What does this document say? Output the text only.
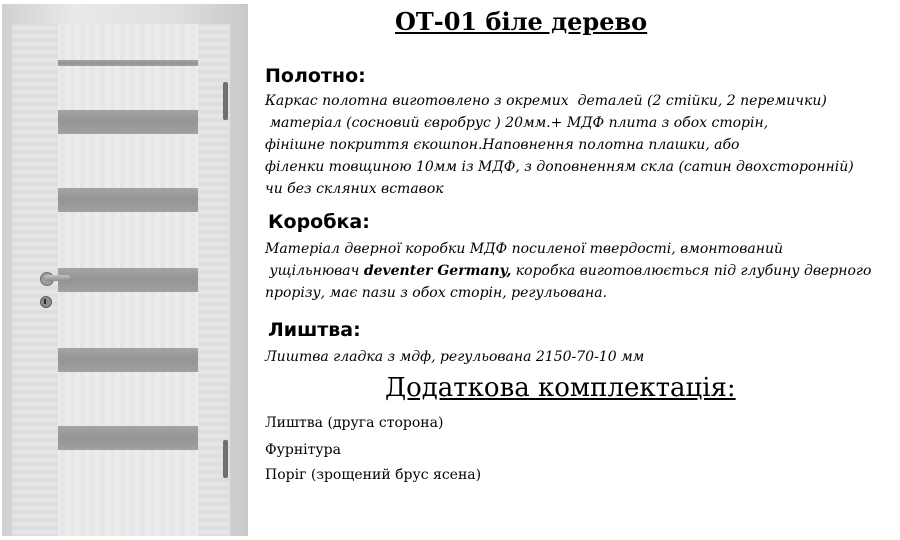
ОТ-01 біле дерево
Полотно:
Каркас полотна виготовлено з окремих  деталей (2 стійки, 2 перемички)
матеріал (сосновий євробрус ) 20мм.+ МДФ плита з обох сторін,
фінішне покриття єкошпон.Наповнення полотна плашки, або
філенки товщиною 10мм із МДФ, з доповненням скла (сатин двохсторонній)
чи без скляних вставок
Коробка:
Матеріал дверної коробки МДФ посиленої твердості, вмонтований
ущільнювач deventer Germany, коробка виготовлюється під глубину дверного
прорізу, має пази з обох сторін, регульована.
Лиштва:
Лиштва гладка з мдф, регульована 2150-70-10 мм
Додаткова комплектація:
Лиштва (друга сторона)
Фурнітура
Поріг (зрощений брус ясена)
